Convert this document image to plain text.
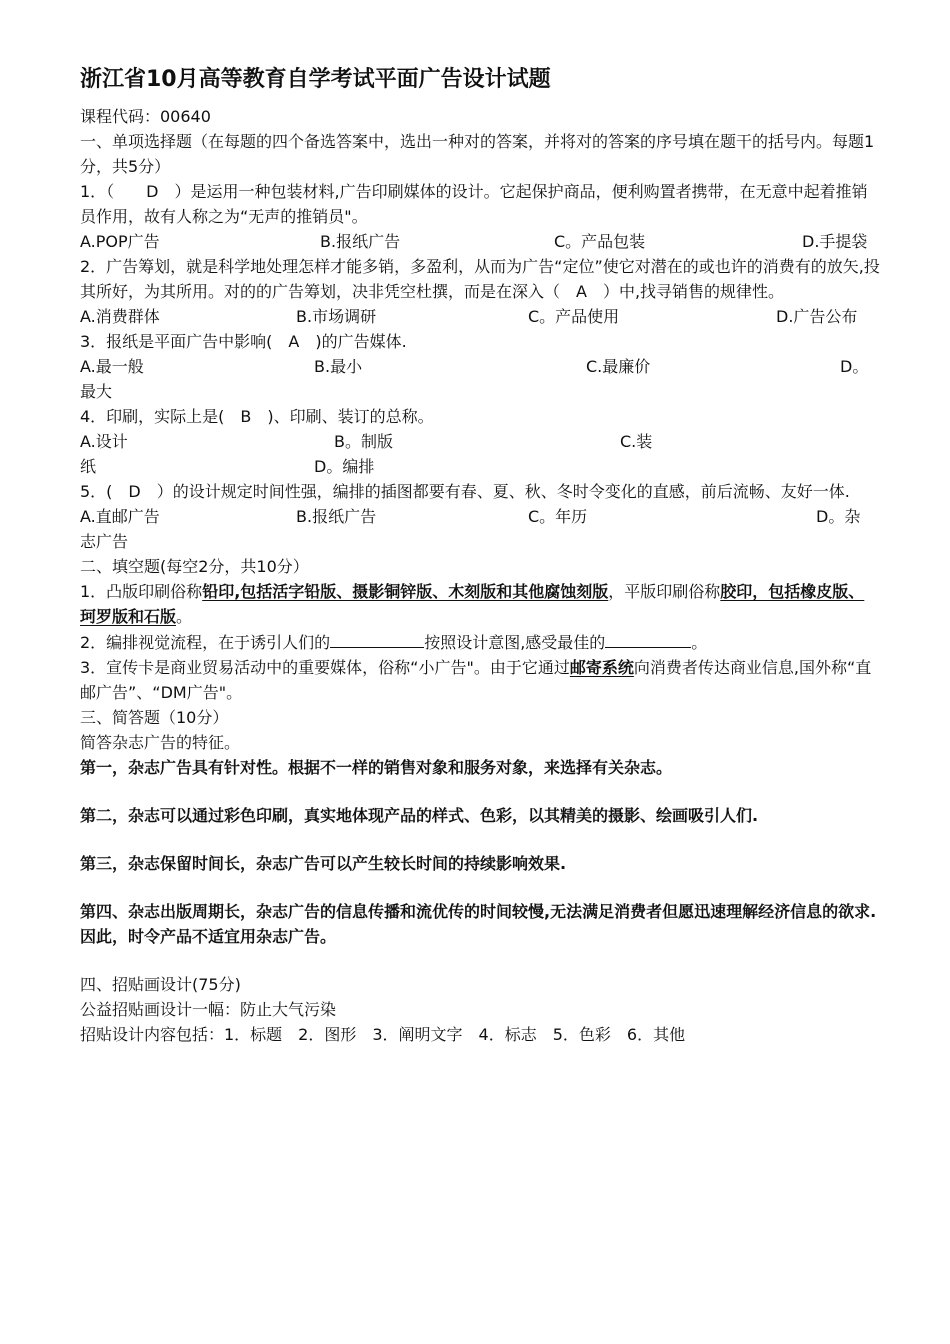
浙江省10月高等教育自学考试平面广告设计试题
课程代码：00640
一、单项选择题（在每题的四个备选答案中，选出一种对的答案，并将对的答案的序号填在题干的括号内。每题1分，共5分）
1．（　　D　）是运用一种包装材料,广告印刷媒体的设计。它起保护商品，便利购置者携带，在无意中起着推销员作用，故有人称之为“无声的推销员"。
A.POP广告	B.报纸广告	C。产品包装	D.手提袋
2．广告筹划，就是科学地处理怎样才能多销，多盈利，从而为广告“定位”使它对潜在的或也许的消费有的放矢,投其所好，为其所用。对的的广告筹划，决非凭空杜撰，而是在深入（　A　）中,找寻销售的规律性。
A.消费群体	B.市场调研	C。产品使用	D.广告公布
3．报纸是平面广告中影响(　A　)的广告媒体.
A.最一般	B.最小	C.最廉价	D。
最大
4．印刷，实际上是(　B　)、印刷、装订的总称。
A.设计	B。制版	C.装
纸	D。编排
5．(　D　）的设计规定时间性强，编排的插图都要有春、夏、秋、冬时令变化的直感，前后流畅、友好一体.
A.直邮广告	B.报纸广告	C。年历	D。杂
志广告
二、填空题(每空2分，共10分）
1．凸版印刷俗称铅印,包括活字铅版、摄影铜锌版、木刻版和其他腐蚀刻版，平版印刷俗称胶印，包括橡皮版、珂罗版和石版。
2．编排视觉流程，在于诱引人们的	按照设计意图,感受最佳的	。
3．宣传卡是商业贸易活动中的重要媒体，俗称“小广告"。由于它通过邮寄系统向消费者传达商业信息,国外称“直邮广告”、“DM广告"。
三、简答题（10分）
简答杂志广告的特征。
第一，杂志广告具有针对性。根据不一样的销售对象和服务对象，来选择有关杂志。
第二，杂志可以通过彩色印刷，真实地体现产品的样式、色彩，以其精美的摄影、绘画吸引人们.
第三，杂志保留时间长，杂志广告可以产生较长时间的持续影响效果.
第四、杂志出版周期长，杂志广告的信息传播和流优传的时间较慢,无法满足消费者但愿迅速理解经济信息的欲求.因此，时令产品不适宜用杂志广告。
四、招贴画设计(75分)
公益招贴画设计一幅：防止大气污染
招贴设计内容包括：1．标题　2．图形　3．阐明文字　4．标志　5．色彩　6．其他
